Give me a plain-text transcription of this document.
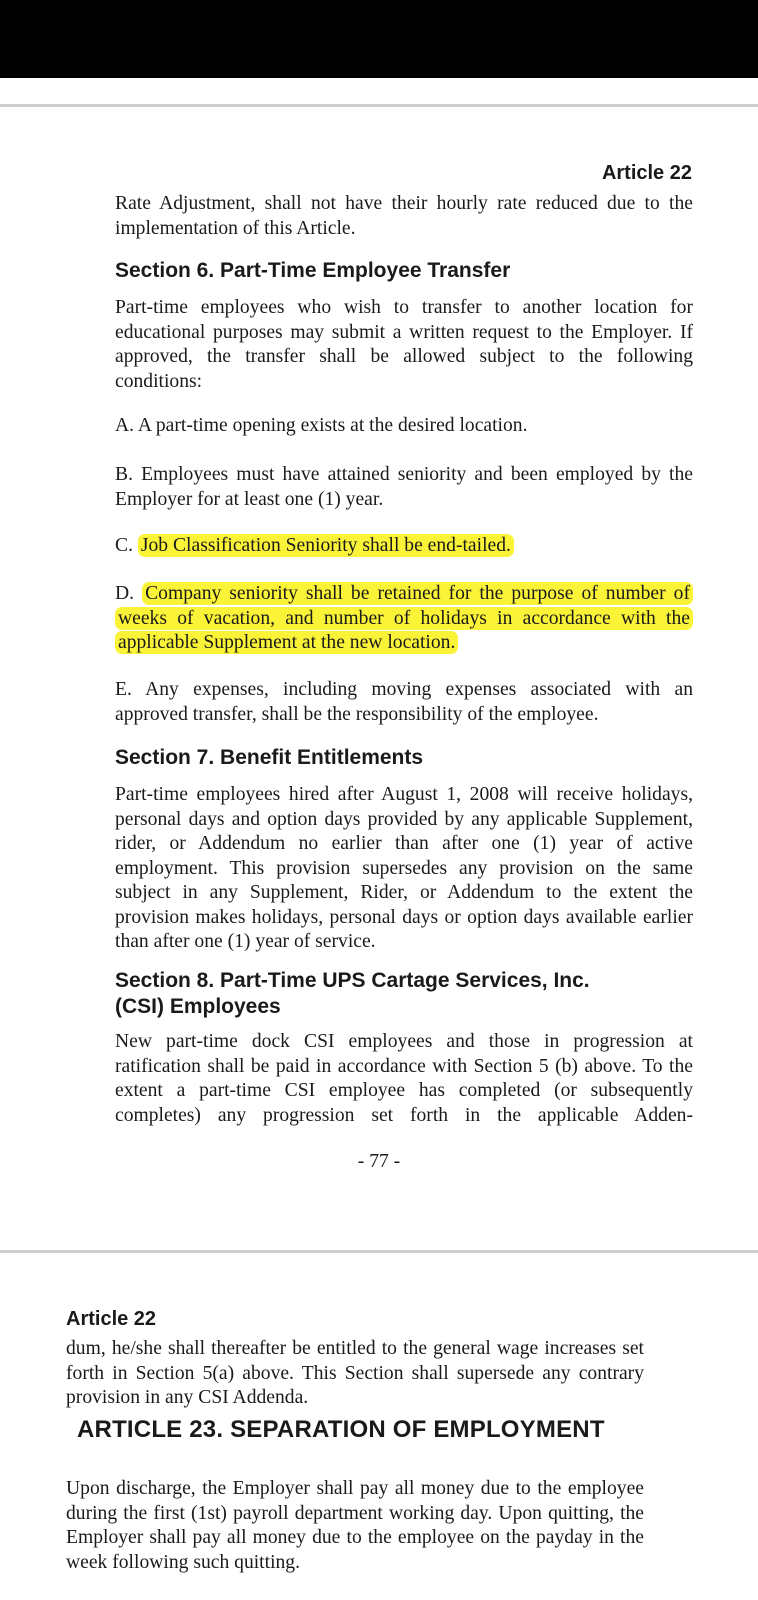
Article 22

Rate Adjustment, shall not have their hourly rate reduced due to the implementation of this Article.

Section 6. Part-Time Employee Transfer

Part-time employees who wish to transfer to another location for educational purposes may submit a written request to the Employer. If approved, the transfer shall be allowed subject to the following conditions:

A. A part-time opening exists at the desired location.

B. Employees must have attained seniority and been employed by the Employer for at least one (1) year.

C. Job Classification Seniority shall be end-tailed.

D. Company seniority shall be retained for the purpose of number of weeks of vacation, and number of holidays in accordance with the applicable Supplement at the new location.

E. Any expenses, including moving expenses associated with an approved transfer, shall be the responsibility of the employee.

Section 7. Benefit Entitlements

Part-time employees hired after August 1, 2008 will receive holidays, personal days and option days provided by any applicable Supplement, rider, or Addendum no earlier than after one (1) year of active employment. This provision supersedes any provision on the same subject in any Supplement, Rider, or Addendum to the extent the provision makes holidays, personal days or option days available earlier than after one (1) year of service.

Section 8. Part-Time UPS Cartage Services, Inc.
(CSI) Employees

New part-time dock CSI employees and those in progression at ratification shall be paid in accordance with Section 5 (b) above. To the extent a part-time CSI employee has completed (or subsequently completes) any progression set forth in the applicable Adden-

- 77 -
Article 22

dum, he/she shall thereafter be entitled to the general wage increases set forth in Section 5(a) above. This Section shall supersede any contrary provision in any CSI Addenda.

ARTICLE 23. SEPARATION OF EMPLOYMENT

Upon discharge, the Employer shall pay all money due to the employee during the first (1st) payroll department working day. Upon quitting, the Employer shall pay all money due to the employee on the payday in the week following such quitting.
